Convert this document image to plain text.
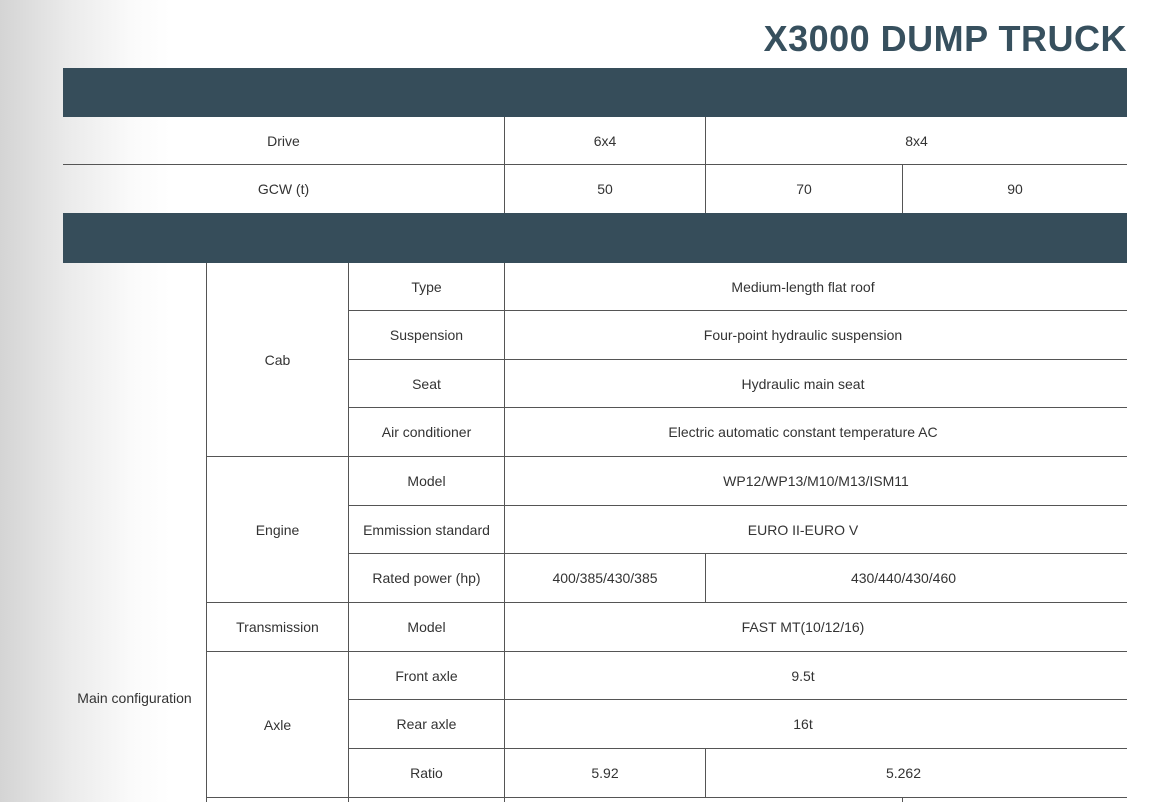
X3000 DUMP TRUCK
Drive	6x4	8x4
GCW (t)	50	70	90
Main configuration
Cab
Type	Medium-length flat roof
Suspension	Four-point hydraulic suspension
Seat	Hydraulic main seat
Air conditioner	Electric automatic constant temperature AC
Engine
Model	WP12/WP13/M10/M13/ISM11
Emmission standard	EURO II-EURO V
Rated power (hp)	400/385/430/385	430/440/430/460
Transmission	Model	FAST MT(10/12/16)
Axle
Front axle	9.5t
Rear axle	16t
Ratio	5.92	5.262
